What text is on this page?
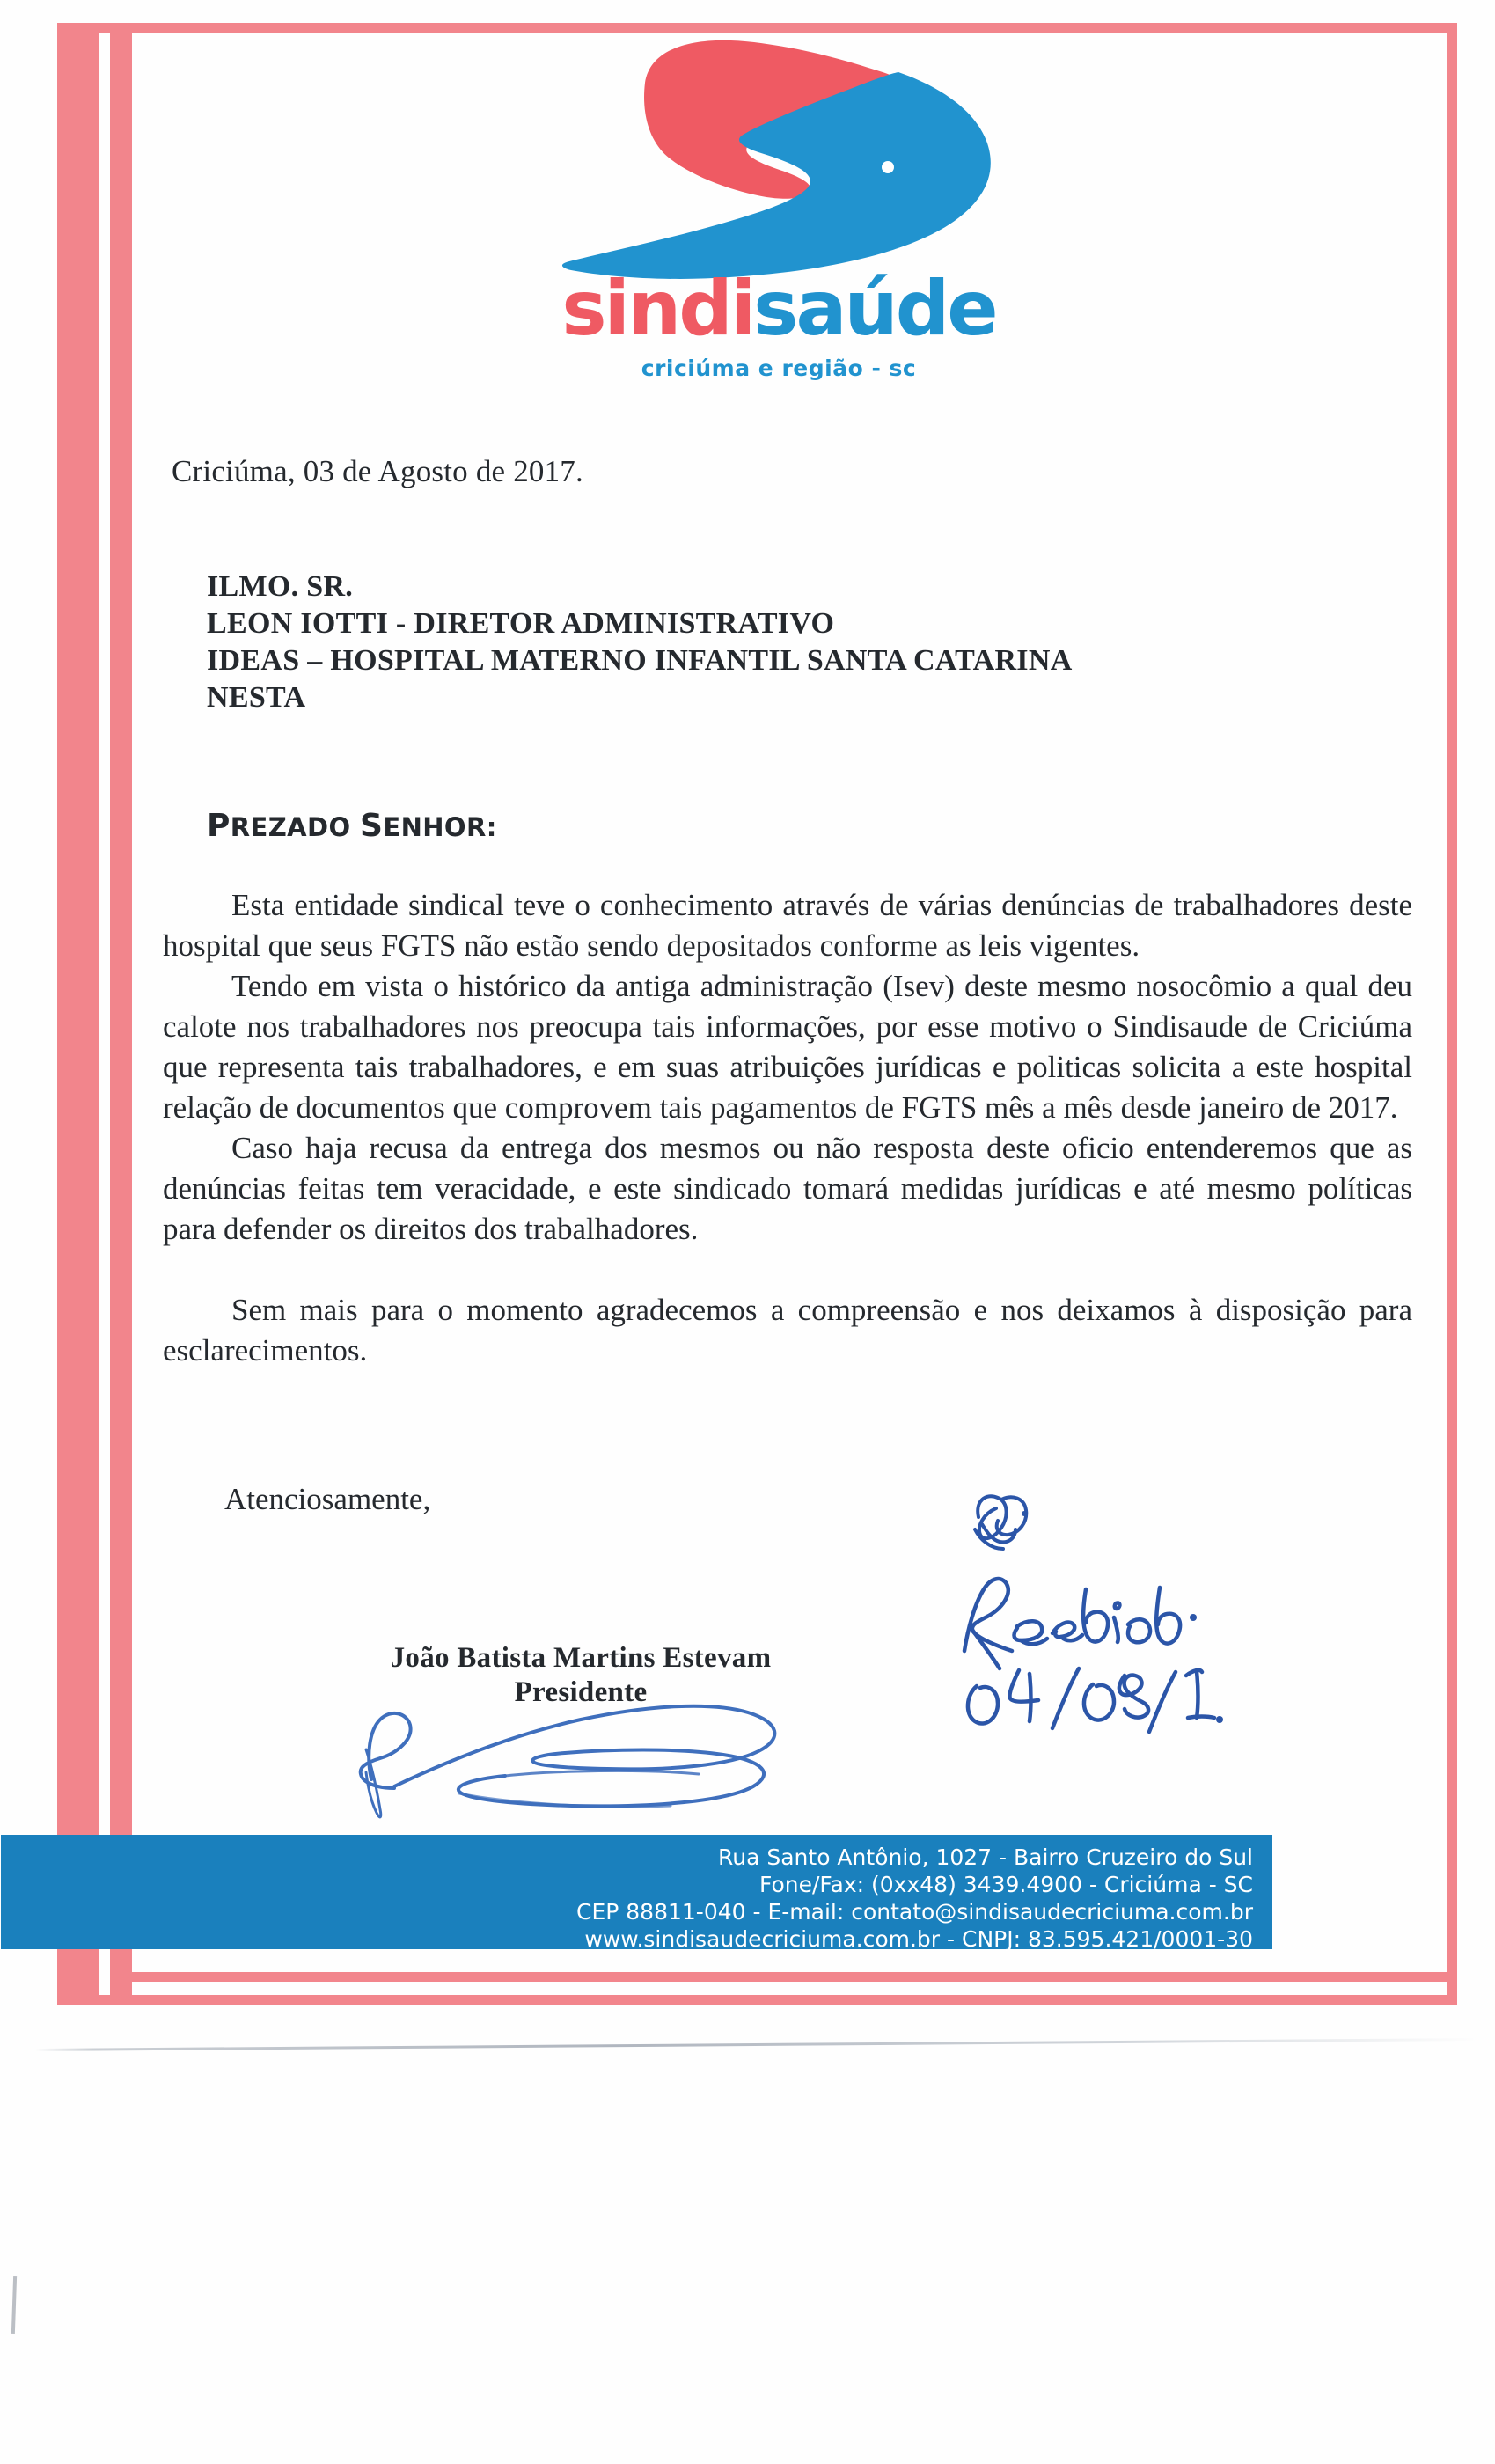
sindisaúde
criciúma e região - sc
Criciúma, 03 de Agosto de 2017.
ILMO. SR.
LEON IOTTI - DIRETOR ADMINISTRATIVO
IDEAS – HOSPITAL MATERNO INFANTIL SANTA CATARINA
NESTA
PREZADO SENHOR:

Esta entidade sindical teve o conhecimento através de várias denúncias de trabalhadores deste hospital que seus FGTS não estão sendo depositados conforme as leis vigentes.

Tendo em vista o histórico da antiga administração (Isev) deste mesmo nosocômio a qual deu calote nos trabalhadores nos preocupa tais informações, por esse motivo o Sindisaude de Criciúma que representa tais trabalhadores, e em suas atribuições jurídicas e politicas solicita a este hospital relação de documentos que comprovem tais pagamentos de FGTS mês a mês desde janeiro de 2017.

Caso haja recusa da entrega dos mesmos ou não resposta deste oficio entenderemos que as denúncias feitas tem veracidade, e este sindicado tomará medidas jurídicas e até mesmo políticas para defender os direitos dos trabalhadores.

Sem mais para o momento agradecemos a compreensão e nos deixamos à disposição para esclarecimentos.

Atenciosamente,
João Batista Martins Estevam
Presidente
Rua Santo Antônio, 1027 - Bairro Cruzeiro do Sul
Fone/Fax: (0xx48) 3439.4900 - Criciúma - SC
CEP 88811-040 - E-mail: contato@sindisaudecriciuma.com.br
www.sindisaudecriciuma.com.br - CNPJ: 83.595.421/0001-30
